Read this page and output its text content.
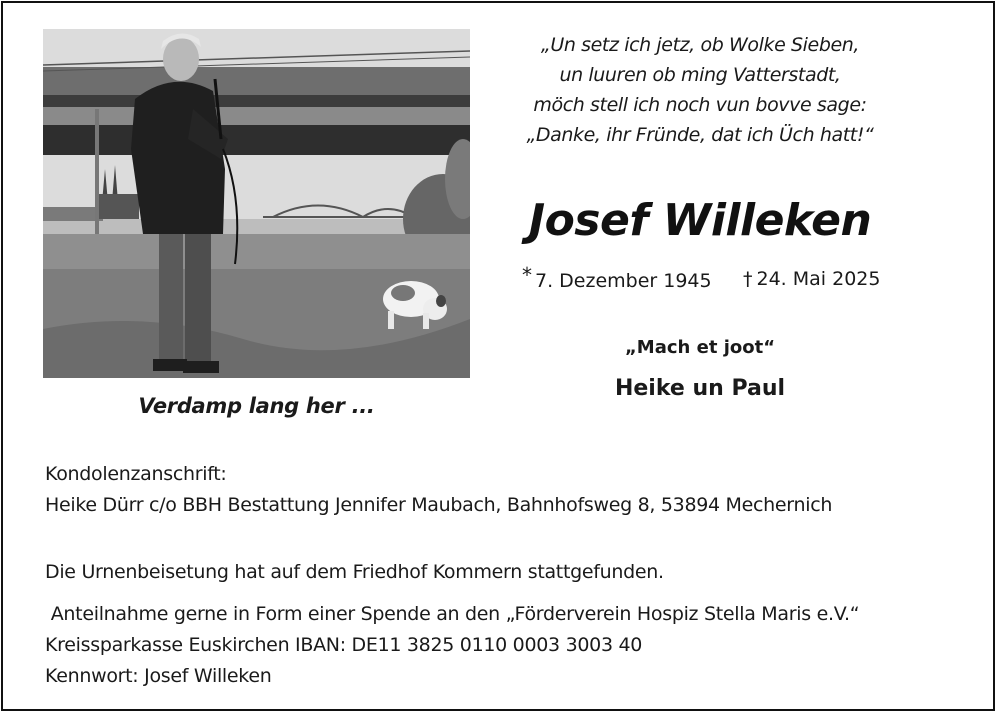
Verdamp lang her ...
„Un setz ich jetz, ob Wolke Sieben,
un luuren ob ming Vatterstadt,
möch stell ich noch vun bovve sage:
„Danke, ihr Fründe, dat ich Üch hatt!“
Josef Willeken
* 7. Dezember 1945 † 24. Mai 2025
„Mach et joot“
Heike un Paul
Kondolenzanschrift:
Heike Dürr c/o BBH Bestattung Jennifer Maubach, Bahnhofsweg 8, 53894 Mechernich
Die Urnenbeisetung hat auf dem Friedhof Kommern stattgefunden.
Anteilnahme gerne in Form einer Spende an den „Förderverein Hospiz Stella Maris e.V.“
Kreissparkasse Euskirchen IBAN: DE11 3825 0110 0003 3003 40
Kennwort: Josef Willeken
